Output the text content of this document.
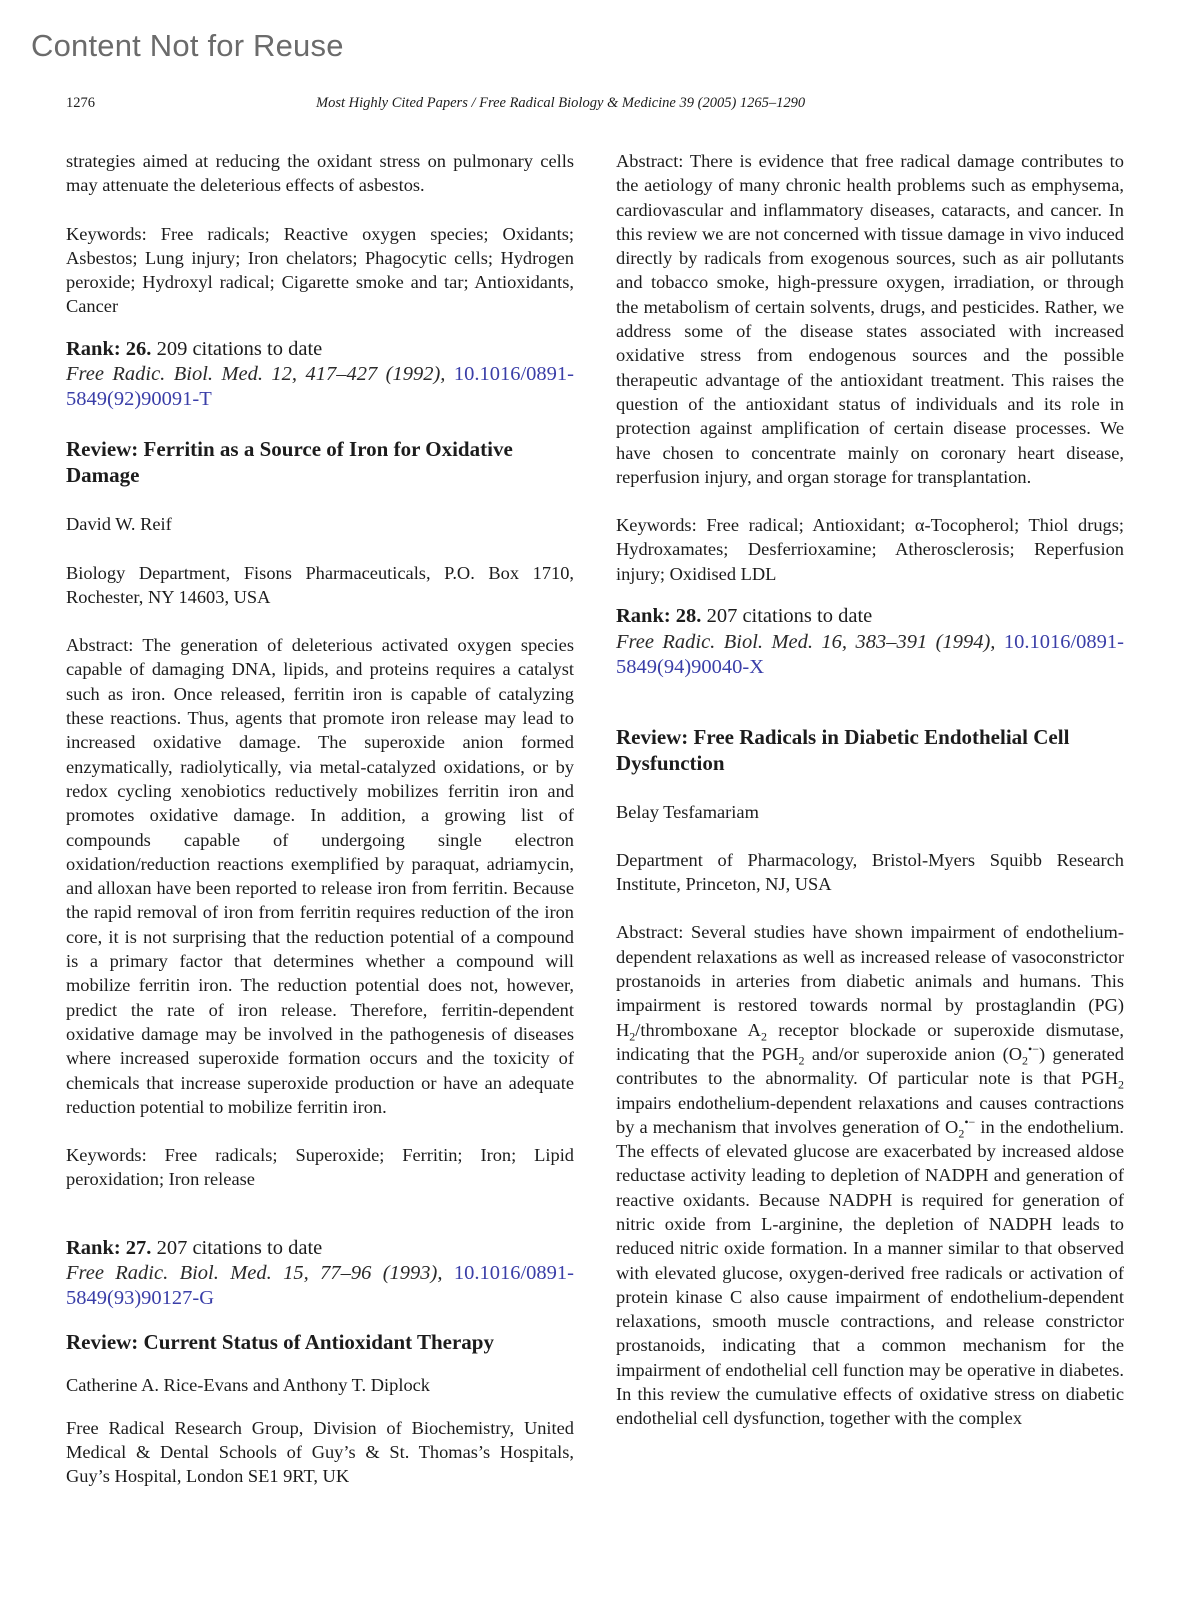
Content Not for Reuse
1276	Most Highly Cited Papers / Free Radical Biology & Medicine 39 (2005) 1265–1290

strategies aimed at reducing the oxidant stress on pulmonary cells may attenuate the deleterious effects of asbestos.

Keywords: Free radicals; Reactive oxygen species; Oxidants; Asbestos; Lung injury; Iron chelators; Phagocytic cells; Hydrogen peroxide; Hydroxyl radical; Cigarette smoke and tar; Antioxidants, Cancer

Rank: 26. 209 citations to date

Free Radic. Biol. Med. 12, 417–427 (1992), 10.1016/0891-5849(92)90091-T

Review: Ferritin as a Source of Iron for Oxidative Damage

David W. Reif

Biology Department, Fisons Pharmaceuticals, P.O. Box 1710, Rochester, NY 14603, USA

Abstract: The generation of deleterious activated oxygen species capable of damaging DNA, lipids, and proteins requires a catalyst such as iron. Once released, ferritin iron is capable of catalyzing these reactions. Thus, agents that promote iron release may lead to increased oxidative damage. The superoxide anion formed enzymatically, radiolytically, via metal-catalyzed oxidations, or by redox cycling xenobiotics reductively mobilizes ferritin iron and promotes oxidative damage. In addition, a growing list of compounds capable of undergoing single electron oxidation/reduction reactions exemplified by paraquat, adriamycin, and alloxan have been reported to release iron from ferritin. Because the rapid removal of iron from ferritin requires reduction of the iron core, it is not surprising that the reduction potential of a compound is a primary factor that determines whether a compound will mobilize ferritin iron. The reduction potential does not, however, predict the rate of iron release. Therefore, ferritin-dependent oxidative damage may be involved in the pathogenesis of diseases where increased superoxide formation occurs and the toxicity of chemicals that increase superoxide production or have an adequate reduction potential to mobilize ferritin iron.

Keywords: Free radicals; Superoxide; Ferritin; Iron; Lipid peroxidation; Iron release

Rank: 27. 207 citations to date

Free Radic. Biol. Med. 15, 77–96 (1993), 10.1016/0891-5849(93)90127-G

Review: Current Status of Antioxidant Therapy

Catherine A. Rice-Evans and Anthony T. Diplock

Free Radical Research Group, Division of Biochemistry, United Medical & Dental Schools of Guy’s & St. Thomas’s Hospitals, Guy’s Hospital, London SE1 9RT, UK

Abstract: There is evidence that free radical damage contributes to the aetiology of many chronic health problems such as emphysema, cardiovascular and inflammatory diseases, cataracts, and cancer. In this review we are not concerned with tissue damage in vivo induced directly by radicals from exogenous sources, such as air pollutants and tobacco smoke, high-pressure oxygen, irradiation, or through the metabolism of certain solvents, drugs, and pesticides. Rather, we address some of the disease states associated with increased oxidative stress from endogenous sources and the possible therapeutic advantage of the antioxidant treatment. This raises the question of the antioxidant status of individuals and its role in protection against amplification of certain disease processes. We have chosen to concentrate mainly on coronary heart disease, reperfusion injury, and organ storage for transplantation.

Keywords: Free radical; Antioxidant; α-Tocopherol; Thiol drugs; Hydroxamates; Desferrioxamine; Atherosclerosis; Reperfusion injury; Oxidised LDL

Rank: 28. 207 citations to date

Free Radic. Biol. Med. 16, 383–391 (1994), 10.1016/0891-5849(94)90040-X

Review: Free Radicals in Diabetic Endothelial Cell Dysfunction

Belay Tesfamariam

Department of Pharmacology, Bristol-Myers Squibb Research Institute, Princeton, NJ, USA

Abstract: Several studies have shown impairment of endothelium-dependent relaxations as well as increased release of vasoconstrictor prostanoids in arteries from diabetic animals and humans. This impairment is restored towards normal by prostaglandin (PG) $H_2$/thromboxane $A_2$ receptor blockade or superoxide dismutase, indicating that the $PGH_2$ and/or superoxide anion $(O_2^{•-})$ generated contributes to the abnormality. Of particular note is that $PGH_2$ impairs endothelium-dependent relaxations and causes contractions by a mechanism that involves generation of $O_2^{•-}$ in the endothelium. The effects of elevated glucose are exacerbated by increased aldose reductase activity leading to depletion of NADPH and generation of reactive oxidants. Because NADPH is required for generation of nitric oxide from L-arginine, the depletion of NADPH leads to reduced nitric oxide formation. In a manner similar to that observed with elevated glucose, oxygen-derived free radicals or activation of protein kinase C also cause impairment of endothelium-dependent relaxations, smooth muscle contractions, and release constrictor prostanoids, indicating that a common mechanism for the impairment of endothelial cell function may be operative in diabetes. In this review the cumulative effects of oxidative stress on diabetic endothelial cell dysfunction, together with the complex
